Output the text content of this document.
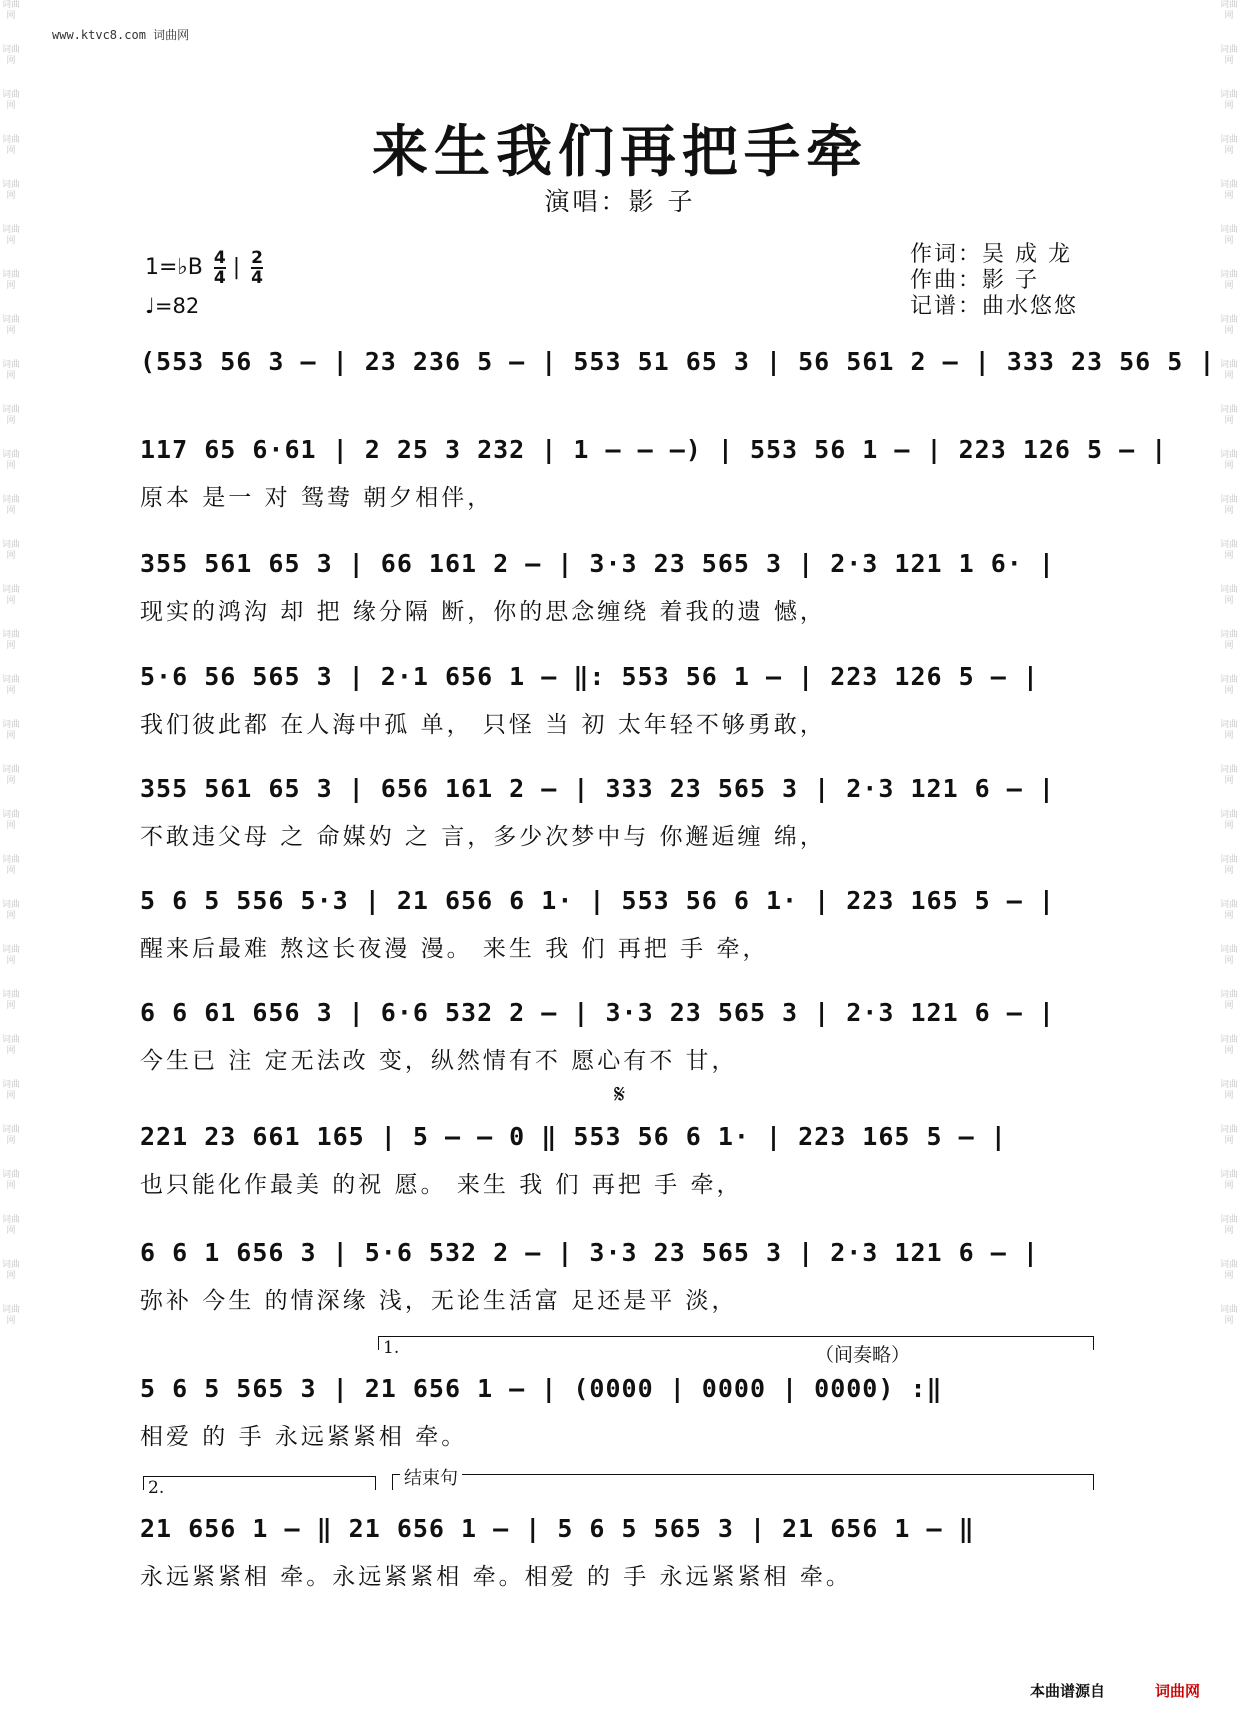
词曲网
词曲网
词曲网
词曲网
词曲网
词曲网
词曲网
词曲网
词曲网
词曲网
词曲网
词曲网
词曲网
词曲网
词曲网
词曲网
词曲网
词曲网
词曲网
词曲网
词曲网
词曲网
词曲网
词曲网
词曲网
词曲网
词曲网
词曲网
词曲网
词曲网
词曲网
词曲网
词曲网
词曲网
词曲网
词曲网
词曲网
词曲网
词曲网
词曲网
词曲网
词曲网
词曲网
词曲网
词曲网
词曲网
词曲网
词曲网
词曲网
词曲网
词曲网
词曲网
词曲网
词曲网
词曲网
词曲网
词曲网
词曲网
词曲网
词曲网
www.ktvc8.com 词曲网
来生我们再把手牵
演唱：影 子
1=♭B $\frac{4}{4}$ | $\frac{2}{4}$
♩=82
作词：吴 成 龙
作曲：影 子
记谱：曲水悠悠
(553 56 3 – | 23 236 5 – | 553 51 65 3 | 56 561 2 – | 333 23 56 5 |
117 65 6·61 | 2 25 3 232 | 1 – – –) | 553 56 1 – | 223 126 5 – |
原本 是一 对 鸳鸯 朝夕相伴，
355 561 65 3 | 66 161 2 – | 3·3 23 565 3 | 2·3 121 1 6· |
现实的鸿沟 却 把 缘分隔 断，你的思念缠绕 着我的遗 憾，
5·6 56 565 3 | 2·1 656 1 – ‖: 553 56 1 – | 223 126 5 – |
我们彼此都 在人海中孤 单， 只怪 当 初 太年轻不够勇敢，
355 561 65 3 | 656 161 2 – | 333 23 565 3 | 2·3 121 6 – |
不敢违父母 之 命媒妁 之 言，多少次梦中与 你邂逅缠 绵，
5 6 5 556 5·3 | 21 656 6 1· | 553 56 6 1· | 223 165 5 – |
醒来后最难 熬这长夜漫 漫。 来生 我 们 再把 手 牵，
6 6 61 656 3 | 6·6 532 2 – | 3·3 23 565 3 | 2·3 121 6 – |
今生已 注 定无法改 变，纵然情有不 愿心有不 甘，
𝄋
221 23 661 165 | 5 – – 0 ‖ 553 56 6 1· | 223 165 5 – |
也只能化作最美 的祝 愿。 来生 我 们 再把 手 牵，
6 6 1 656 3 | 5·6 532 2 – | 3·3 23 565 3 | 2·3 121 6 – |
弥补 今生 的情深缘 浅，无论生活富 足还是平 淡，
1.	（间奏略）
5 6 5 565 3 | 21 656 1 – | (0000 | 0000 | 0000) :‖
相爱 的 手 永远紧紧相 牵。
2.	结束句
21 656 1 – ‖ 21 656 1 – | 5 6 5 565 3 | 21 656 1 – ‖
永远紧紧相 牵。永远紧紧相 牵。相爱 的 手 永远紧紧相 牵。
本曲谱源自	词曲网
